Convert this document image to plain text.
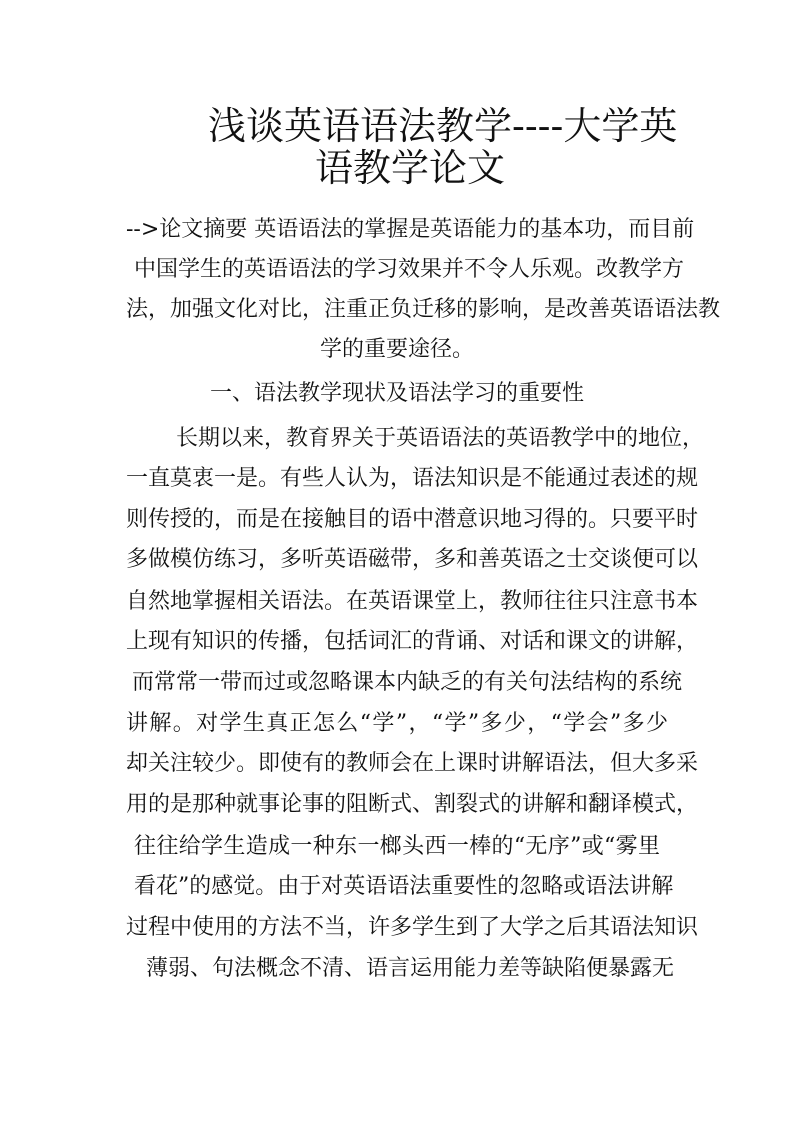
浅谈英语语法教学----大学英
语教学论文
-->论文摘要 英语语法的掌握是英语能力的基本功，而目前
中国学生的英语语法的学习效果并不令人乐观。改教学方
法，加强文化对比，注重正负迁移的影响，是改善英语语法教
学的重要途径。
一、语法教学现状及语法学习的重要性
长期以来，教育界关于英语语法的英语教学中的地位，
一直莫衷一是。有些人认为，语法知识是不能通过表述的规
则传授的，而是在接触目的语中潜意识地习得的。只要平时
多做模仿练习，多听英语磁带，多和善英语之士交谈便可以
自然地掌握相关语法。在英语课堂上，教师往往只注意书本
上现有知识的传播，包括词汇的背诵、对话和课文的讲解，
而常常一带而过或忽略课本内缺乏的有关句法结构的系统
讲解。对学生真正怎么“学”，“学”多少，“学会”多少
却关注较少。即使有的教师会在上课时讲解语法，但大多采
用的是那种就事论事的阻断式、割裂式的讲解和翻译模式，
往往给学生造成一种东一榔头西一棒的“无序”或“雾里
看花”的感觉。由于对英语语法重要性的忽略或语法讲解
过程中使用的方法不当，许多学生到了大学之后其语法知识
薄弱、句法概念不清、语言运用能力差等缺陷便暴露无
